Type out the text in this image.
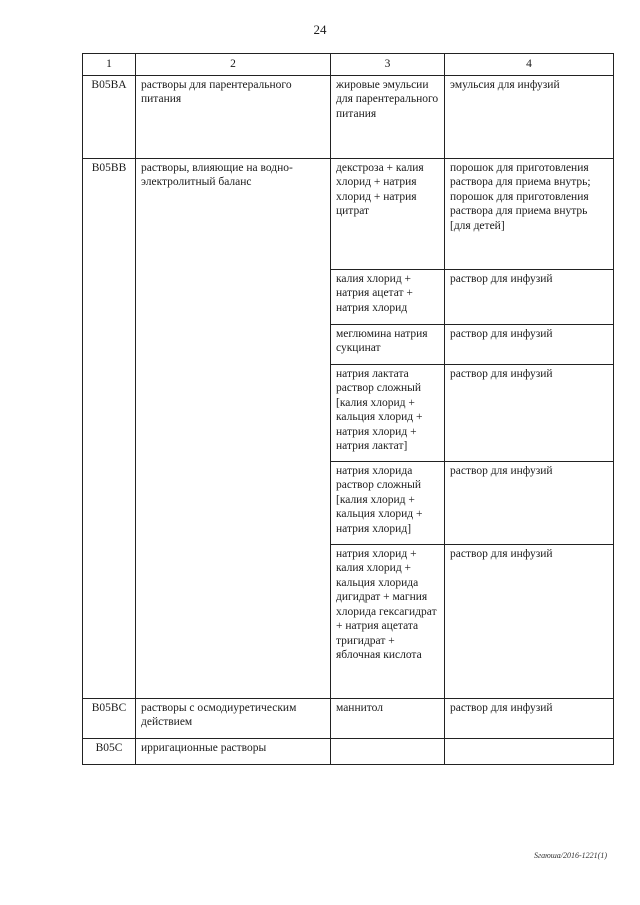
24
1	2	3	4
B05BA	растворы для парентерального питания	жировые эмульсии для парентерального питания	эмульсия для инфузий
B05BB	растворы, влияющие на водно-электролитный баланс	декстроза + калия хлорид + натрия хлорид + натрия цитрат	порошок для приготовления раствора для приема внутрь; порошок для приготовления раствора для приема внутрь [для детей]
		калия хлорид + натрия ацетат + натрия хлорид	раствор для инфузий
		меглюмина натрия сукцинат	раствор для инфузий
		натрия лактата раствор сложный [калия хлорид + кальция хлорид + натрия хлорид + натрия лактат]	раствор для инфузий
		натрия хлорида раствор сложный [калия хлорид + кальция хлорид + натрия хлорид]	раствор для инфузий
		натрия хлорид + калия хлорид + кальция хлорида дигидрат + магния хлорида гексагидрат + натрия ацетата тригидрат + яблочная кислота	раствор для инфузий
B05BC	растворы с осмодиуретическим действием	маннитол	раствор для инфузий
B05C	ирригационные растворы		
Ѕгаюша/2016-1221(1)
